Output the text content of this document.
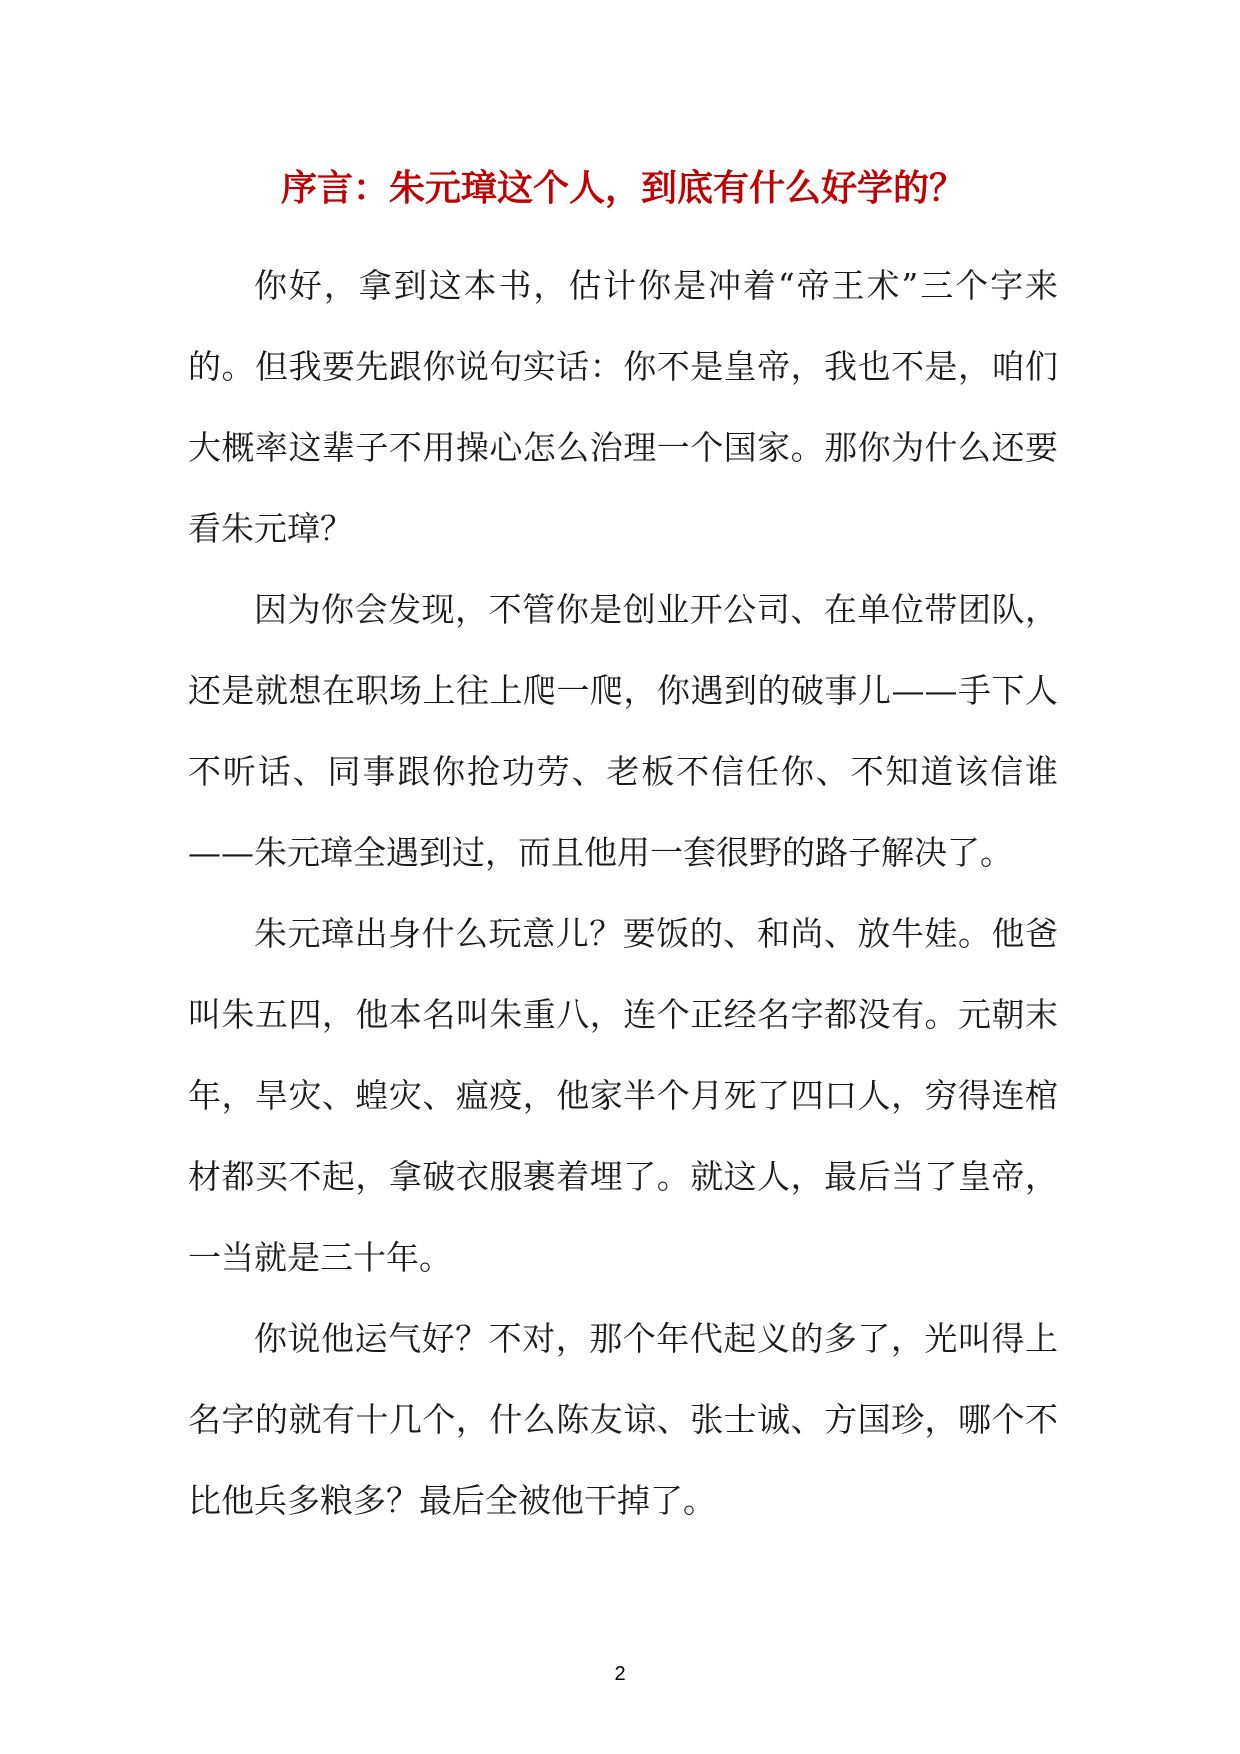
序言：朱元璋这个人，到底有什么好学的？

你好，拿到这本书，估计你是冲着“帝王术”三个字来的。但我要先跟你说句实话：你不是皇帝，我也不是，咱们大概率这辈子不用操心怎么治理一个国家。那你为什么还要看朱元璋？

因为你会发现，不管你是创业开公司、在单位带团队，还是就想在职场上往上爬一爬，你遇到的破事儿——手下人不听话、同事跟你抢功劳、老板不信任你、不知道该信谁——朱元璋全遇到过，而且他用一套很野的路子解决了。

朱元璋出身什么玩意儿？要饭的、和尚、放牛娃。他爸叫朱五四，他本名叫朱重八，连个正经名字都没有。元朝末年，旱灾、蝗灾、瘟疫，他家半个月死了四口人，穷得连棺材都买不起，拿破衣服裹着埋了。就这人，最后当了皇帝，一当就是三十年。

你说他运气好？不对，那个年代起义的多了，光叫得上名字的就有十几个，什么陈友谅、张士诚、方国珍，哪个不比他兵多粮多？最后全被他干掉了。

2
